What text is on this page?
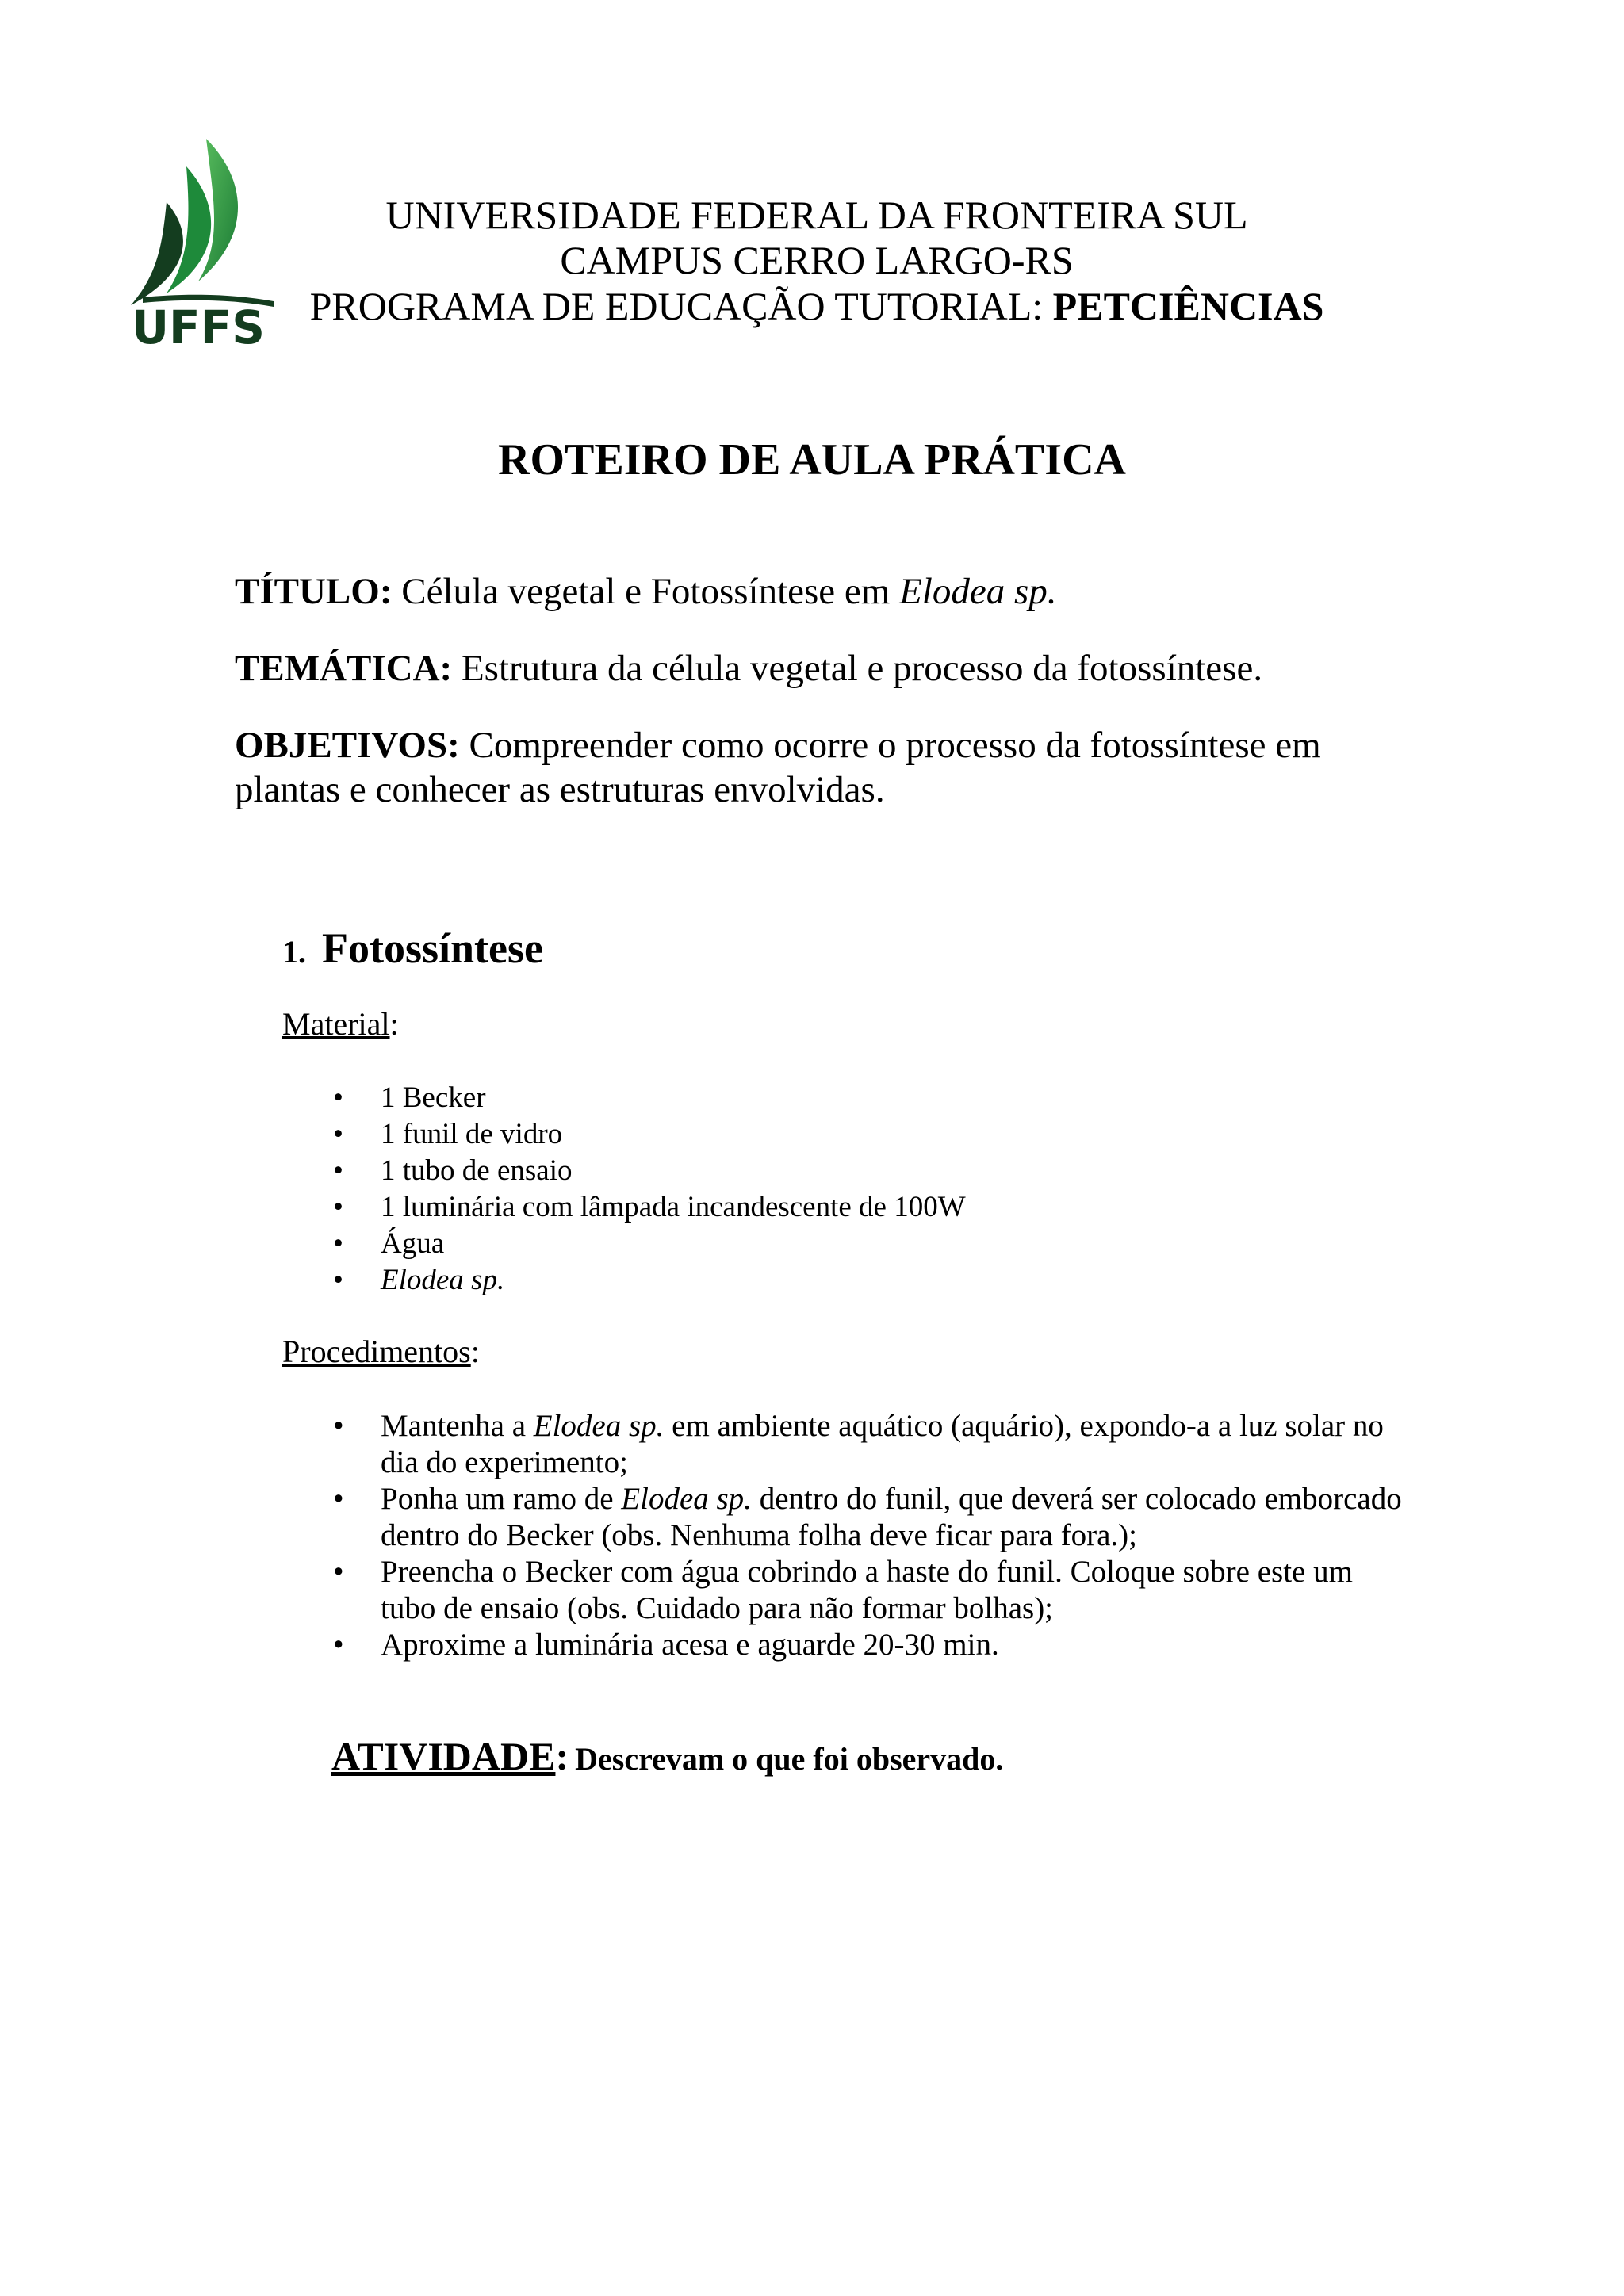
UFFS
UNIVERSIDADE FEDERAL DA FRONTEIRA SUL
CAMPUS CERRO LARGO-RS
PROGRAMA DE EDUCAÇÃO TUTORIAL: PETCIÊNCIAS
ROTEIRO DE AULA PRÁTICA
TÍTULO: Célula vegetal e Fotossíntese em Elodea sp.
TEMÁTICA: Estrutura da célula vegetal e processo da fotossíntese.
OBJETIVOS: Compreender como ocorre o processo da fotossíntese em plantas e conhecer as estruturas envolvidas.
1. Fotossíntese
Material:
•	1 Becker
•	1 funil de vidro
•	1 tubo de ensaio
•	1 luminária com lâmpada incandescente de 100W
•	Água
•	Elodea sp.
Procedimentos:
•	Mantenha a Elodea sp. em ambiente aquático (aquário), expondo-a a luz solar no dia do experimento;
•	Ponha um ramo de Elodea sp. dentro do funil, que deverá ser colocado emborcado dentro do Becker (obs. Nenhuma folha deve ficar para fora.);
•	Preencha o Becker com água cobrindo a haste do funil. Coloque sobre este um tubo de ensaio (obs. Cuidado para não formar bolhas);
•	Aproxime a luminária acesa e aguarde 20-30 min.
ATIVIDADE: Descrevam o que foi observado.
